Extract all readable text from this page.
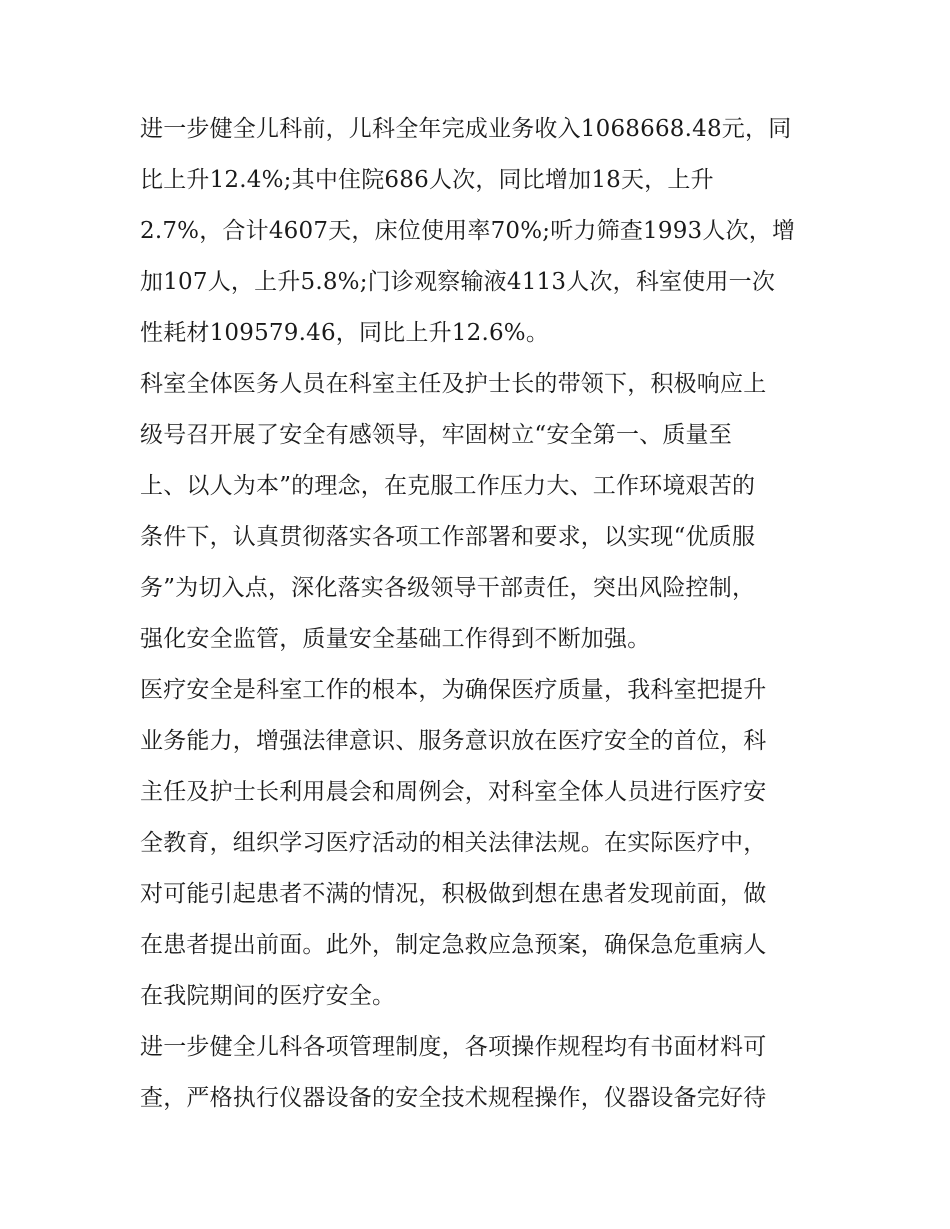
进一步健全儿科前，儿科全年完成业务收入1068668.48元，同
比上升12.4%;其中住院686人次，同比增加18天，上升
2.7%，合计4607天，床位使用率70%;听力筛查1993人次，增
加107人，上升5.8%;门诊观察输液4113人次，科室使用一次
性耗材109579.46，同比上升12.6%。
科室全体医务人员在科室主任及护士长的带领下，积极响应上
级号召开展了安全有感领导，牢固树立“安全第一、质量至
上、以人为本”的理念，在克服工作压力大、工作环境艰苦的
条件下，认真贯彻落实各项工作部署和要求，以实现“优质服
务”为切入点，深化落实各级领导干部责任，突出风险控制，
强化安全监管，质量安全基础工作得到不断加强。
医疗安全是科室工作的根本，为确保医疗质量，我科室把提升
业务能力，增强法律意识、服务意识放在医疗安全的首位，科
主任及护士长利用晨会和周例会，对科室全体人员进行医疗安
全教育，组织学习医疗活动的相关法律法规。在实际医疗中，
对可能引起患者不满的情况，积极做到想在患者发现前面，做
在患者提出前面。此外，制定急救应急预案，确保急危重病人
在我院期间的医疗安全。
进一步健全儿科各项管理制度，各项操作规程均有书面材料可
查，严格执行仪器设备的安全技术规程操作，仪器设备完好待
